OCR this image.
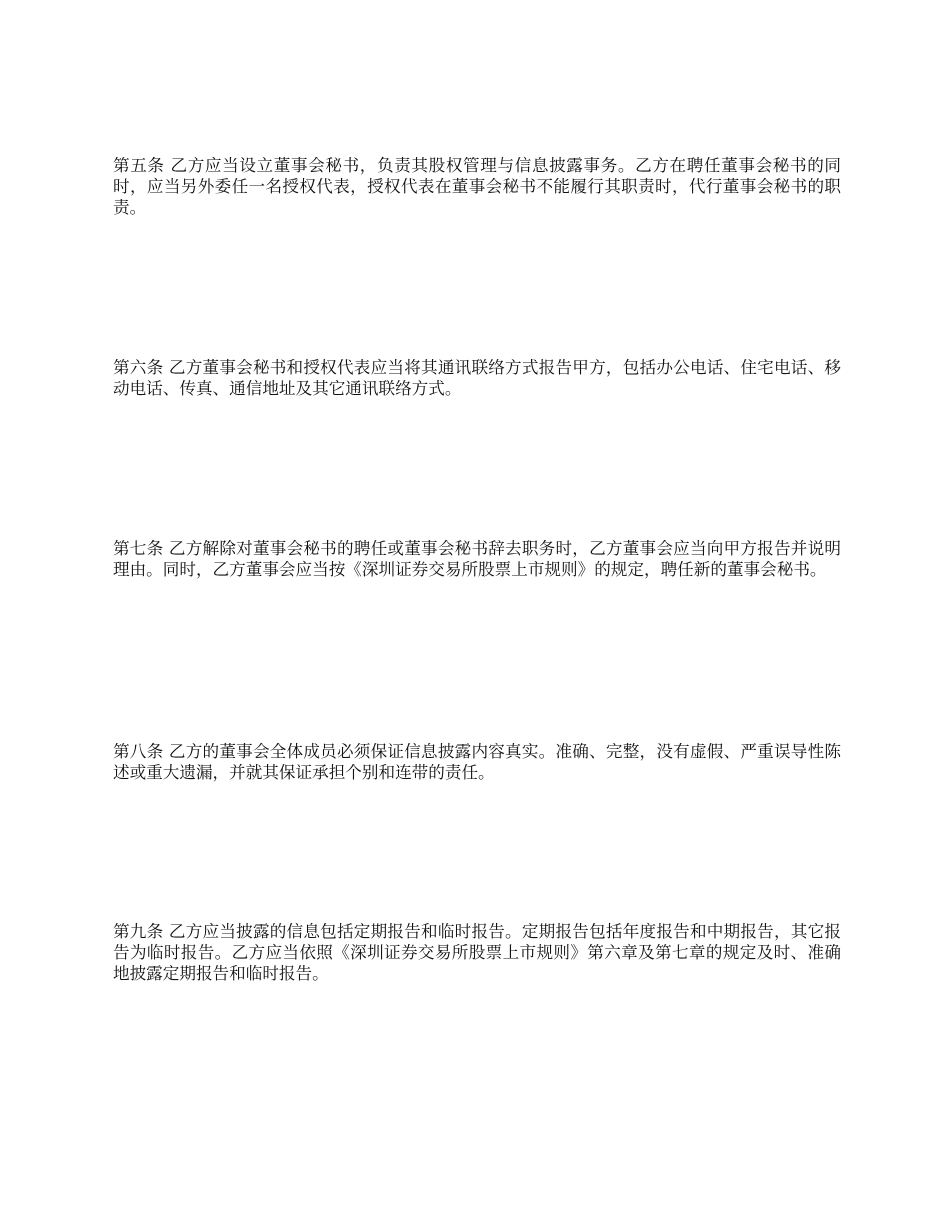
第五条 乙方应当设立董事会秘书，负责其股权管理与信息披露事务。乙方在聘任董事会秘书的同时，应当另外委任一名授权代表，授权代表在董事会秘书不能履行其职责时，代行董事会秘书的职责。

第六条 乙方董事会秘书和授权代表应当将其通讯联络方式报告甲方，包括办公电话、住宅电话、移动电话、传真、通信地址及其它通讯联络方式。

第七条 乙方解除对董事会秘书的聘任或董事会秘书辞去职务时，乙方董事会应当向甲方报告并说明理由。同时，乙方董事会应当按《深圳证券交易所股票上市规则》的规定，聘任新的董事会秘书。

第八条 乙方的董事会全体成员必须保证信息披露内容真实。准确、完整，没有虚假、严重误导性陈述或重大遗漏，并就其保证承担个别和连带的责任。

第九条 乙方应当披露的信息包括定期报告和临时报告。定期报告包括年度报告和中期报告，其它报告为临时报告。乙方应当依照《深圳证券交易所股票上市规则》第六章及第七章的规定及时、准确地披露定期报告和临时报告。
